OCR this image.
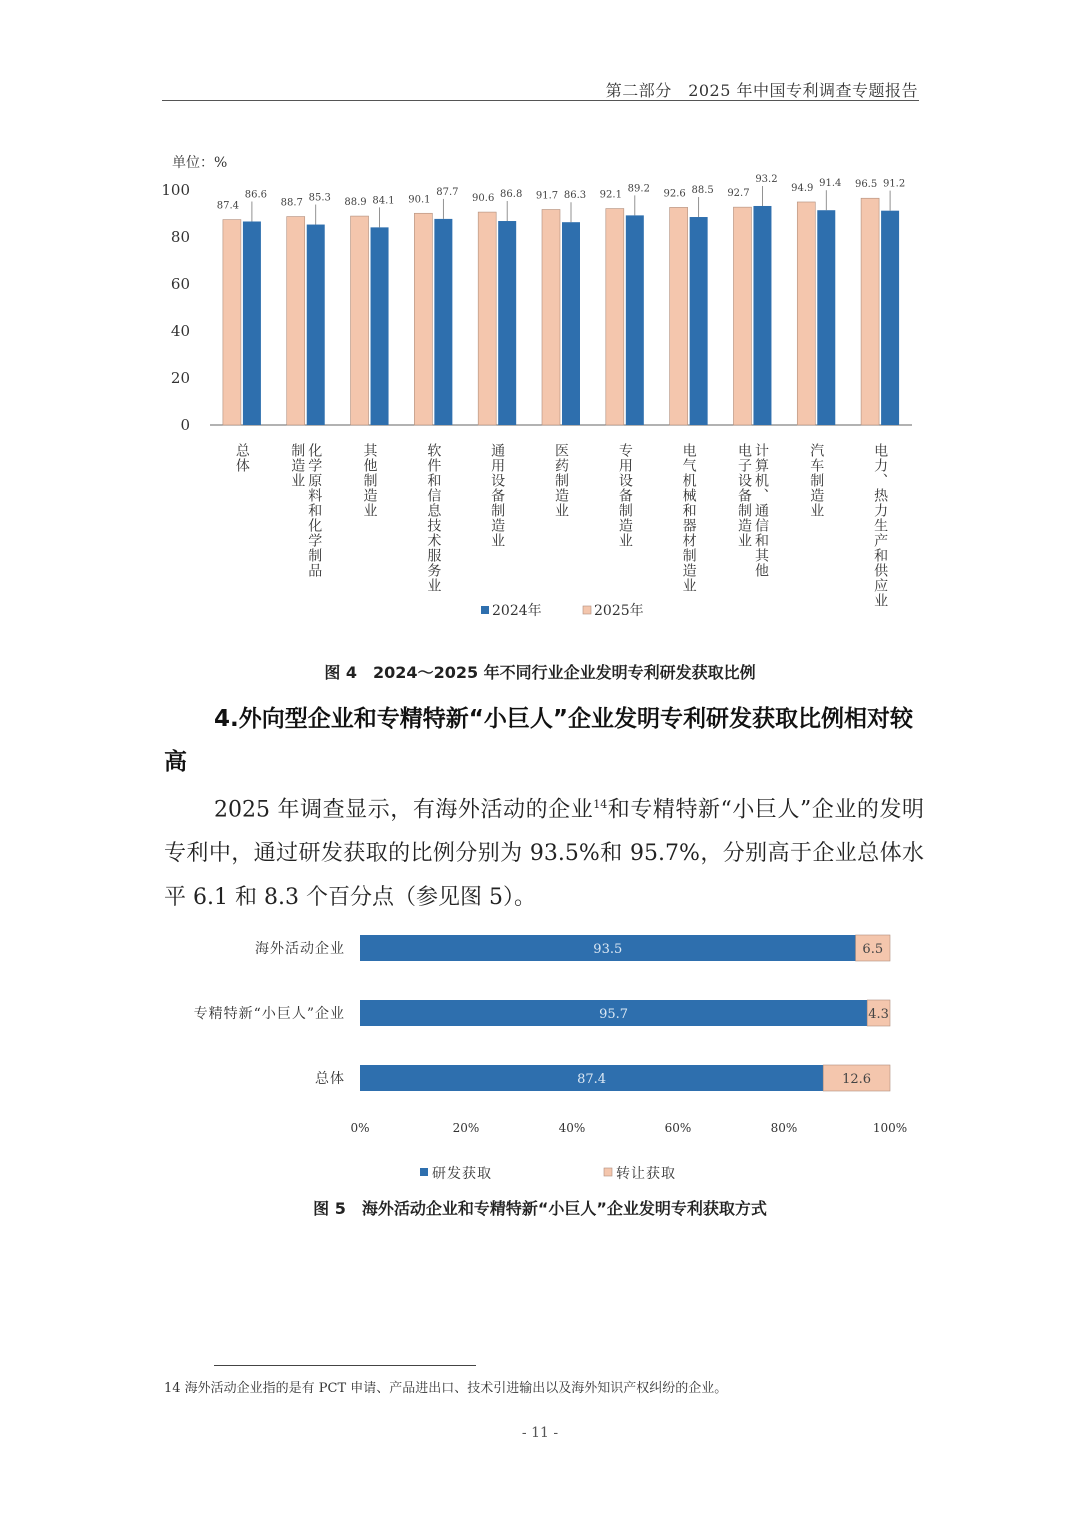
第二部分　2025 年中国专利调查专题报告
单位：%
0
20
40
60
80
100
87.4
86.6
总体
88.7 85.3
化学原料和化学制品
制造业
88.9 84.1
其他制造业
90.1
87.7
软件和信息技术服务业
90.6 86.8
通用设备制造业
91.7 86.3
医药制造业
92.1
89.2
专用设备制造业
92.6 88.5
电气机械和器材制造业
92.7
93.2
计算机、通信和其他
电子设备制造业
94.9 91.4
汽车制造业
96.5 91.2
电力、热力生产和供应业
2024年	2025年
图 4　2024～2025 年不同行业企业发明专利研发获取比例
4.外向型企业和专精特新“小巨人”企业发明专利研发获取比例相对较高
2025 年调查显示，有海外活动的企业$^{14}$和专精特新“小巨人”企业的发明专利中，通过研发获取的比例分别为 93.5%和 95.7%，分别高于企业总体水平 6.1 和 8.3 个百分点（参见图 5）。
海外活动企业	93.5	6.5
专精特新“小巨人”企业	95.7	4.3
总体	87.4	12.6
0%	20%	40%	60%	80%	100%
研发获取	转让获取
图 5　海外活动企业和专精特新“小巨人”企业发明专利获取方式
14 海外活动企业指的是有 PCT 申请、产品进出口、技术引进输出以及海外知识产权纠纷的企业。
- 11 -
